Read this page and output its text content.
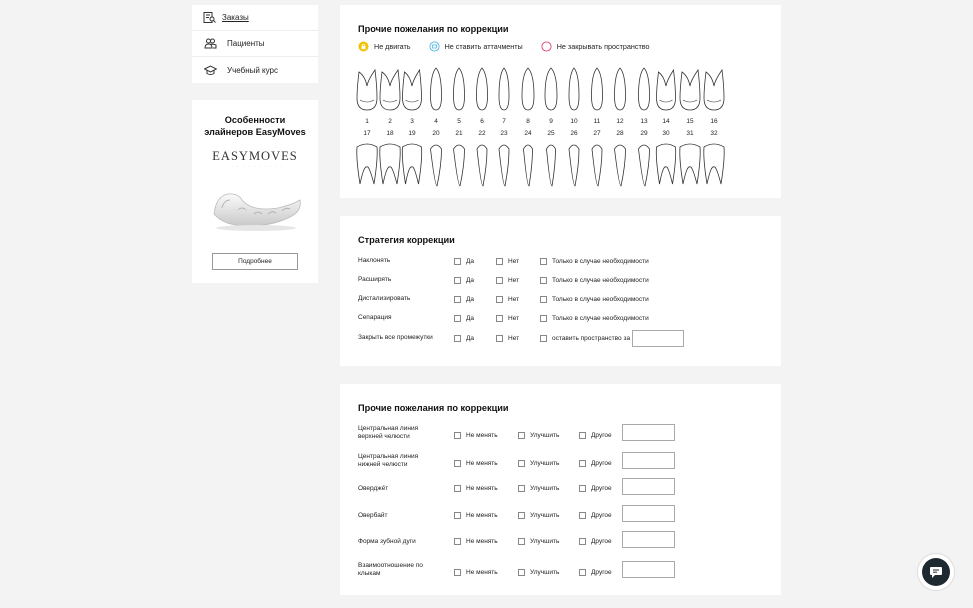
Заказы
Пациенты
Учебный курс
Особенности
элайнеров EasyMoves
EASYMOVES
· · · · · · · · · · ·
Подробнее
Прочие пожелания по коррекции
Не двигать	Не ставить аттачменты	Не закрывать пространство
1	2	3	4	5	6	7	8	9	10 11 12	13 14	15	16
17 18 19	20 21 22 23	24 25 26 27 28	29 30	31	32
Стратегия коррекции
Наклонять	Да	Нет	Только в случае необходимости
Расширять	Да	Нет	Только в случае необходимости
Дистализировать	Да	Нет	Только в случае необходимости
Сепарация	Да	Нет	Только в случае необходимости
Закрыть все промежутки	Да	Нет	оставить пространство за
Прочие пожелания по коррекции
Центральная линия
верхней челюсти	Не менять	Улучшить	Другое
Центральная линия
нижней челюсти	Не менять	Улучшить	Другое
Овердже́т	Не менять	Улучшить	Другое
Овербайт	Не менять	Улучшить	Другое
Форма зубной дуги	Не менять	Улучшить	Другое
Взаимоотношение по
клыкам	Не менять	Улучшить	Другое
